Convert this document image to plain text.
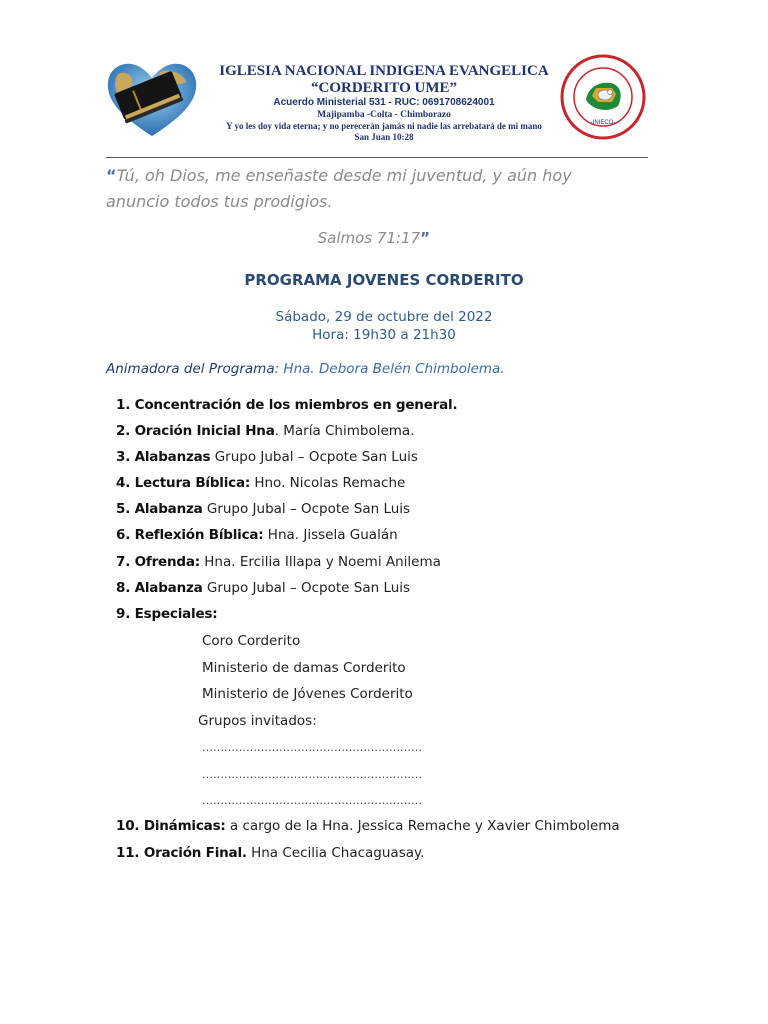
-INIECO-
IGLESIA NACIONAL INDIGENA EVANGELICA
“CORDERITO UME”
Acuerdo Ministerial 531 - RUC: 0691708624001
Majipamba -Colta - Chimborazo
Y yo les doy vida eterna; y no perecerán jamás ni nadie las arrebatará de mi mano
San Juan 10:28
“Tú, oh Dios, me enseñaste desde mi juventud, y aún hoy anuncio todos tus prodigios.
Salmos 71:17”
PROGRAMA JOVENES CORDERITO
Sábado, 29 de octubre del 2022
Hora: 19h30 a 21h30
Animadora del Programa: Hna. Debora Belén Chimbolema.
1. Concentración de los miembros en general.
2. Oración Inicial Hna. María Chimbolema.
3. Alabanzas Grupo Jubal – Ocpote San Luis
4. Lectura Bíblica: Hno. Nicolas Remache
5. Alabanza Grupo Jubal – Ocpote San Luis
6. Reflexión Bíblica: Hna. Jissela Gualán
7. Ofrenda: Hna. Ercilia Illapa y Noemi Anilema
8. Alabanza Grupo Jubal – Ocpote San Luis
9. Especiales:
Coro Corderito
Ministerio de damas Corderito
Ministerio de Jóvenes Corderito
Grupos invitados:
……………………………………………………
……………………………………………………
……………………………………………………
10. Dinámicas: a cargo de la Hna. Jessica Remache y Xavier Chimbolema
11. Oración Final. Hna Cecilia Chacaguasay.
